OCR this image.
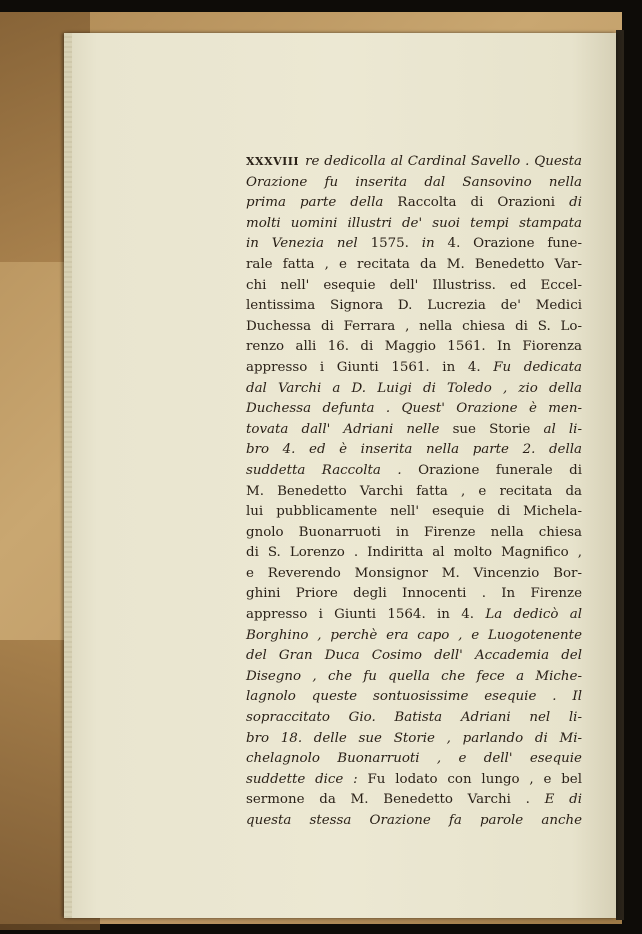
XXXVIII re dedicolla al Cardinal Savello . Questa
Orazione fu inserita dal Sansovino nella
prima parte della Raccolta di Orazioni di
molti uomini illustri de' suoi tempi stampata
in Venezia nel 1575. in 4. Orazione fune-
rale fatta , e recitata da M. Benedetto Var-
chi nell' esequie dell' Illustriss. ed Eccel-
lentissima Signora D. Lucrezia de' Medici
Duchessa di Ferrara , nella chiesa di S. Lo-
renzo alli 16. di Maggio 1561. In Fiorenza
appresso i Giunti 1561. in 4. Fu dedicata
dal Varchi a D. Luigi di Toledo , zio della
Duchessa defunta . Quest' Orazione è men-
tovata dall' Adriani nelle sue Storie al li-
bro 4. ed è inserita nella parte 2. della
suddetta Raccolta . Orazione funerale di
M. Benedetto Varchi fatta , e recitata da
lui pubblicamente nell' esequie di Michela-
gnolo Buonarruoti in Firenze nella chiesa
di S. Lorenzo . Indiritta al molto Magnifico ,
e Reverendo Monsignor M. Vincenzio Bor-
ghini Priore degli Innocenti . In Firenze
appresso i Giunti 1564. in 4. La dedicò al
Borghino , perchè era capo , e Luogotenente
del Gran Duca Cosimo dell' Accademia del
Disegno , che fu quella che fece a Miche-
lagnolo queste sontuosissime esequie . Il
sopraccitato Gio. Batista Adriani nel li-
bro 18. delle sue Storie , parlando di Mi-
chelagnolo Buonarruoti , e dell' esequie
suddette dice : Fu lodato con lungo , e bel
sermone da M. Benedetto Varchi . E di
questa stessa Orazione fa parole anche
